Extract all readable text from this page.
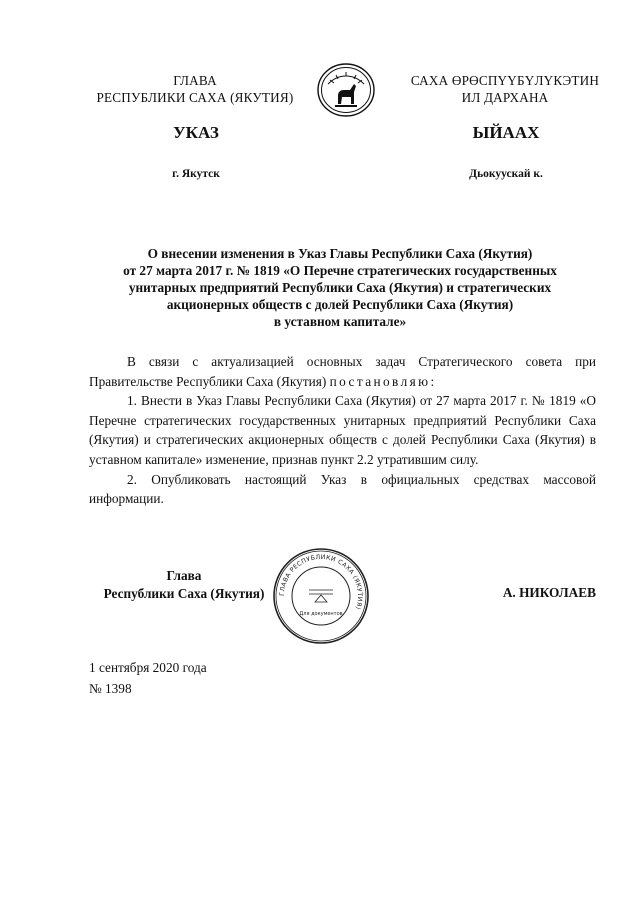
ГЛАВА
РЕСПУБЛИКИ САХА (ЯКУТИЯ)
САХА ӨРӨСПҮҮБҮЛҮКЭТИН
ИЛ ДАРХАНА
УКАЗ	ЫЙААХ
г. Якутск	Дьокуускай к.
О внесении изменения в Указ Главы Республики Саха (Якутия)
от 27 марта 2017 г. № 1819 «О Перечне стратегических государственных
унитарных предприятий Республики Саха (Якутия) и стратегических
акционерных обществ с долей Республики Саха (Якутия)
в уставном капитале»

В связи с актуализацией основных задач Стратегического совета при Правительстве Республики Саха (Якутия) постановляю:

1. Внести в Указ Главы Республики Саха (Якутия) от 27 марта 2017 г. № 1819 «О Перечне стратегических государственных унитарных предприятий Республики Саха (Якутия) и стратегических акционерных обществ с долей Республики Саха (Якутия) в уставном капитале» изменение, признав пункт 2.2 утратившим силу.

2. Опубликовать настоящий Указ в официальных средствах массовой информации.

Глава
Республики Саха (Якутия)	ГЛАВА РЕСПУБЛИКИ САХА (ЯКУТИЯ)
Для документов
А. НИКОЛАЕВ
1 сентября 2020 года
№ 1398
